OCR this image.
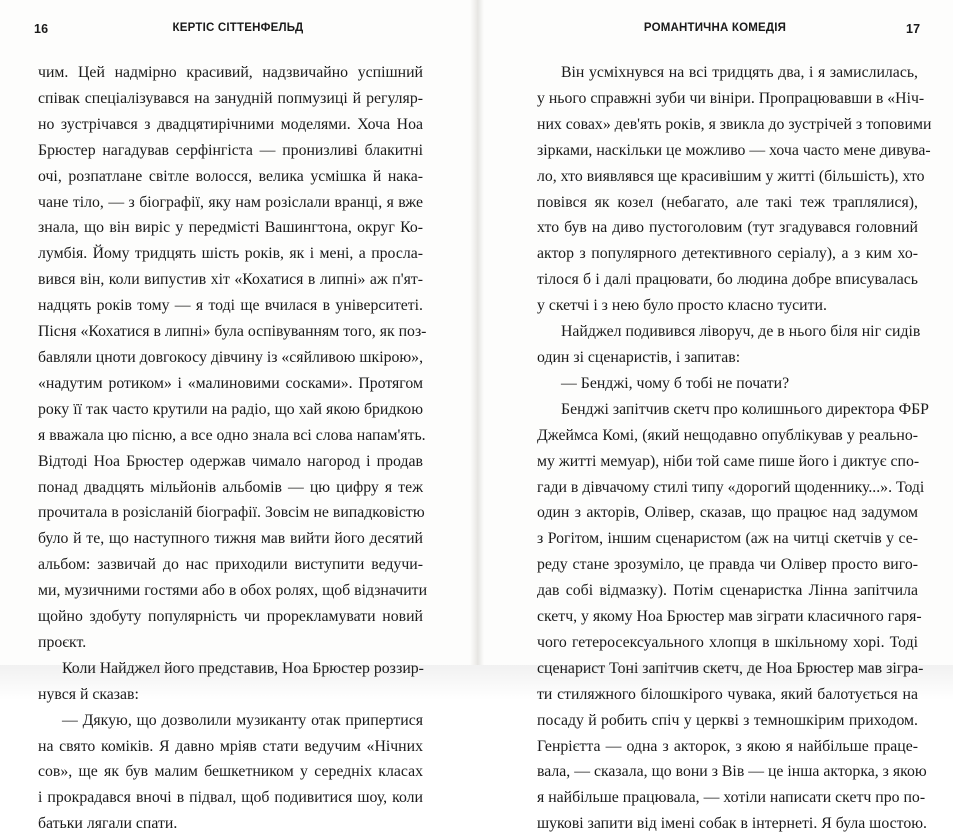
16	КЕРТІС СІТТЕНФЕЛЬД	РОМАНТИЧНА КОМЕДІЯ	17
чим. Цей надмірно красивий, надзвичайно успішний
співак спеціалізувався на занудній попмузиці й регуляр-
но зустрічався з двадцятирічними моделями. Хоча Ноа
Брюстер нагадував серфінгіста — пронизливі блакитні
очі, розпатлане світле волосся, велика усмішка й нака-
чане тіло, — з біографії, яку нам розіслали вранці, я вже
знала, що він виріс у передмісті Вашингтона, округ Ко-
лумбія. Йому тридцять шість років, як і мені, а просла-
вився він, коли випустив хіт «Кохатися в липні» аж п'ят-
надцять років тому — я тоді ще вчилася в університеті.
Пісня «Кохатися в липні» була оспівуванням того, як поз-
бавляли цноти довгокосу дівчину із «сяйливою шкірою»,
«надутим ротиком» і «малиновими сосками». Протягом
року її так часто крутили на радіо, що хай якою бридкою
я вважала цю пісню, а все одно знала всі слова напам'ять.
Відтоді Ноа Брюстер одержав чимало нагород і продав
понад двадцять мільйонів альбомів — цю цифру я теж
прочитала в розісланій біографії. Зовсім не випадковістю
було й те, що наступного тижня мав вийти його десятий
альбом: зазвичай до нас приходили виступити ведучи-
ми, музичними гостями або в обох ролях, щоб відзначити
щойно здобуту популярність чи прорекламувати новий
проєкт.
Коли Найджел його представив, Ноа Брюстер роззир-
нувся й сказав:
— Дякую, що дозволили музиканту отак припертися
на свято коміків. Я давно мріяв стати ведучим «Нічних
сов», ще як був малим бешкетником у середніх класах
і прокрадався вночі в підвал, щоб подивитися шоу, коли
батьки лягали спати.
Він усміхнувся на всі тридцять два, і я замислилась,
у нього справжні зуби чи вініри. Пропрацювавши в «Ніч-
них совах» дев'ять років, я звикла до зустрічей з топовими
зірками, наскільки це можливо — хоча часто мене дивува-
ло, хто виявлявся ще красивішим у житті (більшість), хто
повівся як козел (небагато, але такі теж траплялися),
хто був на диво пустоголовим (тут згадувався головний
актор з популярного детективного серіалу), а з ким хо-
тілося б і далі працювати, бо людина добре вписувалась
у скетчі і з нею було просто класно тусити.
Найджел подивився ліворуч, де в нього біля ніг сидів
один зі сценаристів, і запитав:
— Бенджі, чому б тобі не почати?
Бенджі запітчив скетч про колишнього директора ФБР
Джеймса Комі, (який нещодавно опублікував у реально-
му житті мемуар), ніби той саме пише його і диктує спо-
гади в дівчачому стилі типу «дорогий щоденнику...». Тоді
один з акторів, Олівер, сказав, що працює над задумом
з Рогітом, іншим сценаристом (аж на читці скетчів у се-
реду стане зрозуміло, це правда чи Олівер просто виго-
дав собі відмазку). Потім сценаристка Лінна запітчила
скетч, у якому Ноа Брюстер мав зіграти класичного гаря-
чого гетеросексуального хлопця в шкільному хорі. Тоді
сценарист Тоні запітчив скетч, де Ноа Брюстер мав зігра-
ти стиляжного білошкірого чувака, який балотується на
посаду й робить спіч у церкві з темношкірим приходом.
Генрієтта — одна з акторок, з якою я найбільше праце-
вала, — сказала, що вони з Вів — це інша акторка, з якою
я найбільше працювала, — хотіли написати скетч про по-
шукові запити від імені собак в інтернеті. Я була шостою.
